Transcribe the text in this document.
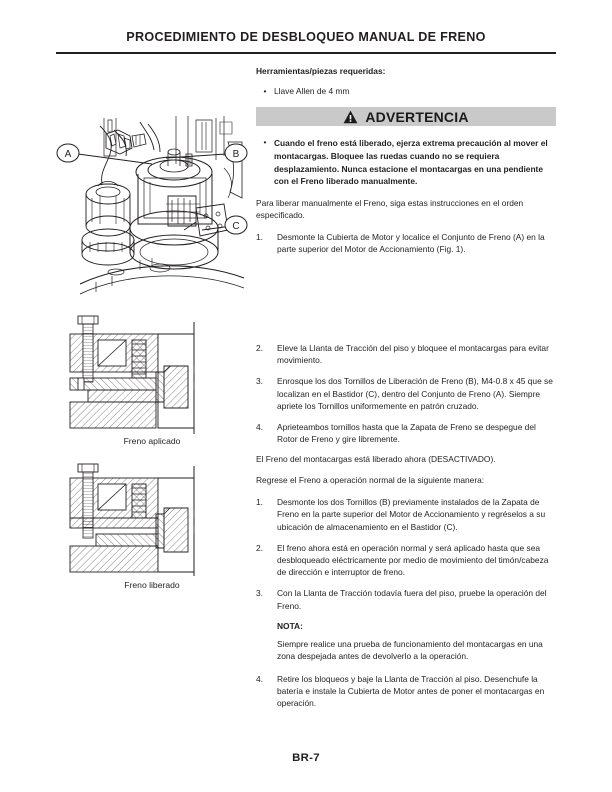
PROCEDIMIENTO DE DESBLOQUEO MANUAL DE FRENO
A	B
C
Freno aplicado
Freno liberado
Herramientas/piezas requeridas:
• Llave Allen de 4 mm
ADVERTENCIA
• Cuando el freno está liberado, ejerza extrema precaución al mover el montacargas. Bloquee las ruedas cuando no se requiera desplazamiento. Nunca estacione el montacargas en una pendiente con el Freno liberado manualmente.
Para liberar manualmente el Freno, siga estas instrucciones en el orden especificado.
1.	Desmonte la Cubierta de Motor y localice el Conjunto de Freno (A) en la parte superior del Motor de Accionamiento (Fig. 1).
2.	Eleve la Llanta de Tracción del piso y bloquee el montacargas para evitar movimiento.
3.	Enrosque los dos Tornillos de Liberación de Freno (B), M4-0.8 x 45 que se localizan en el Bastidor (C), dentro del Conjunto de Freno (A). Siempre apriete los Tornillos uniformemente en patrón cruzado.
4.	Aprieteambos tornillos hasta que la Zapata de Freno se despegue del Rotor de Freno y gire libremente.
El Freno del montacargas está liberado ahora (DESACTIVADO).
Regrese el Freno a operación normal de la siguiente manera:
1.	Desmonte los dos Tornillos (B) previamente instalados de la Zapata de Freno en la parte superior del Motor de Accionamiento y regréselos a su ubicación de almacenamiento en el Bastidor (C).
2.	El freno ahora está en operación normal y será aplicado hasta que sea desbloqueado eléctricamente por medio de movimiento del timón/cabeza de dirección e interruptor de freno.
3.	Con la Llanta de Tracción todavía fuera del piso, pruebe la operación del Freno.
NOTA:
Siempre realice una prueba de funcionamiento del montacargas en una zona despejada antes de devolverlo a la operación.
4.	Retire los bloqueos y baje la Llanta de Tracción al piso. Desenchufe la batería e instale la Cubierta de Motor antes de poner el montacargas en operación.
BR-7
